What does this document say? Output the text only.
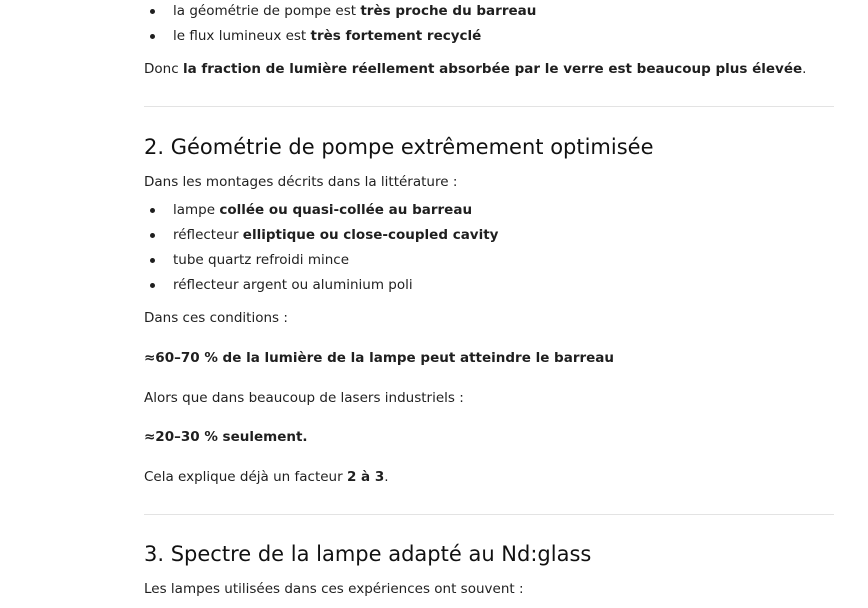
la géométrie de pompe est très proche du barreau
le flux lumineux est très fortement recyclé

Donc la fraction de lumière réellement absorbée par le verre est beaucoup plus élevée.

2. Géométrie de pompe extrêmement optimisée

Dans les montages décrits dans la littérature :

lampe collée ou quasi-collée au barreau
réflecteur elliptique ou close-coupled cavity
tube quartz refroidi mince
réflecteur argent ou aluminium poli

Dans ces conditions :

≈60–70 % de la lumière de la lampe peut atteindre le barreau

Alors que dans beaucoup de lasers industriels :

≈20–30 % seulement.

Cela explique déjà un facteur 2 à 3.

3. Spectre de la lampe adapté au Nd:glass

Les lampes utilisées dans ces expériences ont souvent :
